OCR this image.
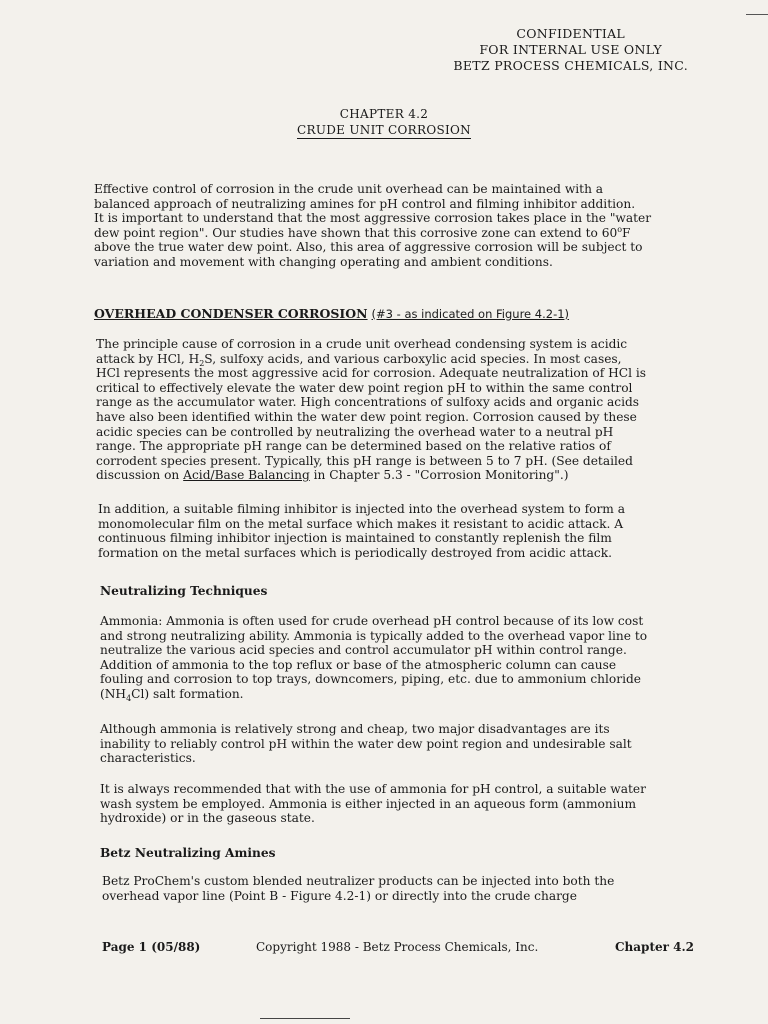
CONFIDENTIAL
FOR INTERNAL USE ONLY
BETZ PROCESS CHEMICALS, INC.
CHAPTER 4.2
CRUDE UNIT CORROSION
Effective control of corrosion in the crude unit overhead can be maintained with a
balanced approach of neutralizing amines for pH control and filming inhibitor addition.
It is important to understand that the most aggressive corrosion takes place in the "water
dew point region". Our studies have shown that this corrosive zone can extend to 60$^o$F
above the true water dew point. Also, this area of aggressive corrosion will be subject to
variation and movement with changing operating and ambient conditions.
OVERHEAD CONDENSER CORROSION (#3 - as indicated on Figure 4.2-1)
The principle cause of corrosion in a crude unit overhead condensing system is acidic
attack by HCl, $H_2S$, sulfoxy acids, and various carboxylic acid species. In most cases,
HCl represents the most aggressive acid for corrosion. Adequate neutralization of HCl is
critical to effectively elevate the water dew point region pH to within the same control
range as the accumulator water. High concentrations of sulfoxy acids and organic acids
have also been identified within the water dew point region. Corrosion caused by these
acidic species can be controlled by neutralizing the overhead water to a neutral pH
range. The appropriate pH range can be determined based on the relative ratios of
corrodent species present. Typically, this pH range is between 5 to 7 pH. (See detailed
discussion on Acid/Base Balancing in Chapter 5.3 - "Corrosion Monitoring".)
In addition, a suitable filming inhibitor is injected into the overhead system to form a
monomolecular film on the metal surface which makes it resistant to acidic attack. A
continuous filming inhibitor injection is maintained to constantly replenish the film
formation on the metal surfaces which is periodically destroyed from acidic attack.
Neutralizing Techniques
Ammonia: Ammonia is often used for crude overhead pH control because of its low cost
and strong neutralizing ability. Ammonia is typically added to the overhead vapor line to
neutralize the various acid species and control accumulator pH within control range.
Addition of ammonia to the top reflux or base of the atmospheric column can cause
fouling and corrosion to top trays, downcomers, piping, etc. due to ammonium chloride
$(NH_4Cl)$ salt formation.
Although ammonia is relatively strong and cheap, two major disadvantages are its
inability to reliably control pH within the water dew point region and undesirable salt
characteristics.
It is always recommended that with the use of ammonia for pH control, a suitable water
wash system be employed. Ammonia is either injected in an aqueous form (ammonium
hydroxide) or in the gaseous state.
Betz Neutralizing Amines
Betz ProChem's custom blended neutralizer products can be injected into both the
overhead vapor line (Point B - Figure 4.2-1) or directly into the crude charge
Page 1 (05/88)	Copyright 1988 - Betz Process Chemicals, Inc.	Chapter 4.2
